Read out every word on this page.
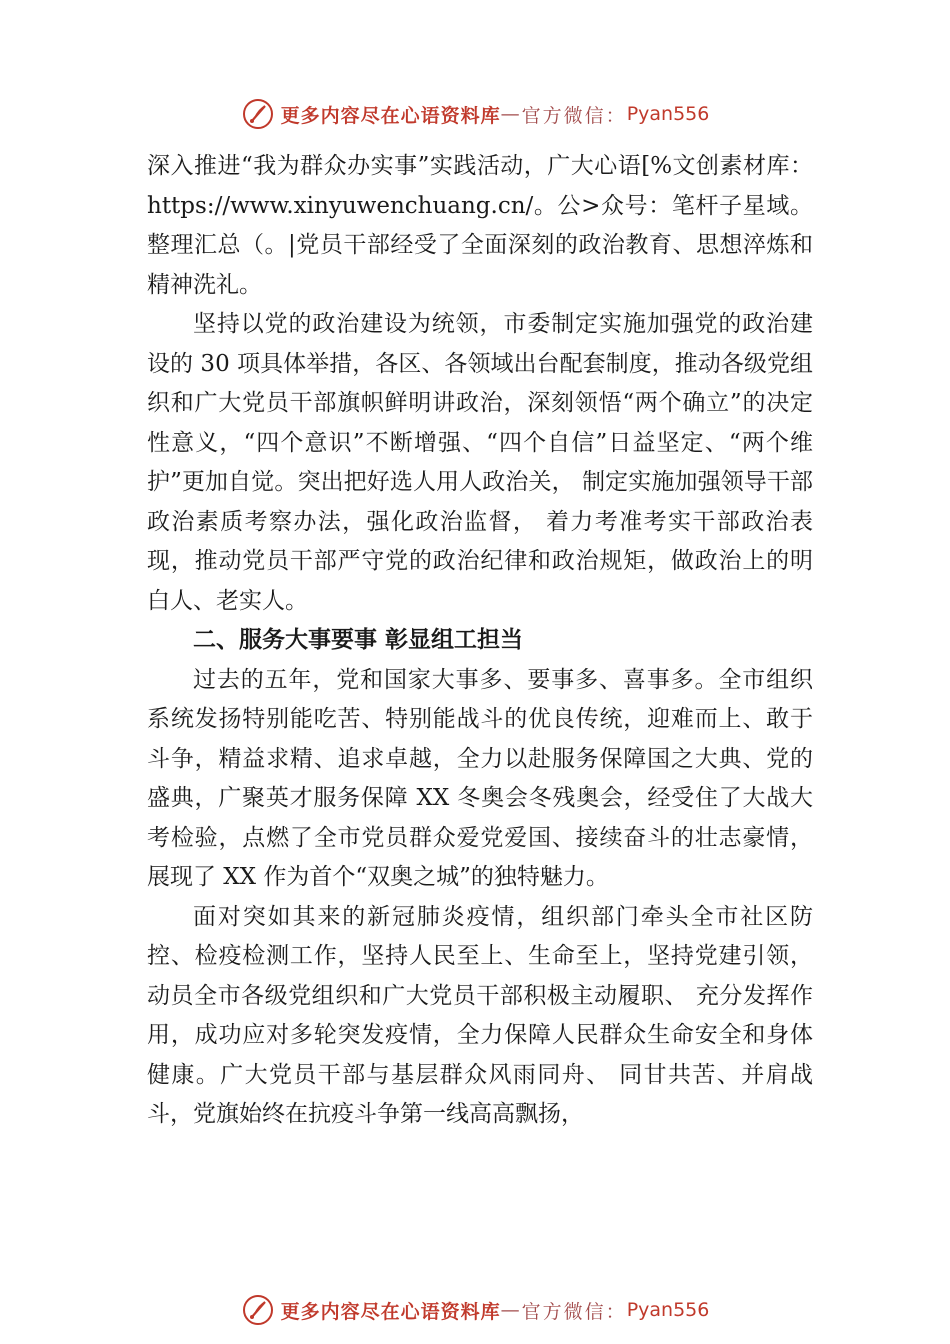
更多内容尽在心语资料库 — 官方微信： Pyan556

深入推进“我为群众办实事”实践活动，广大心语[%文创素材库：https://www.xinyuwenchuang.cn/。公>众号：笔杆子星域。整理汇总（。|党员干部经受了全面深刻的政治教育、思想淬炼和精神洗礼。

坚持以党的政治建设为统领，市委制定实施加强党的政治建设的 30 项具体举措，各区、各领域出台配套制度，推动各级党组织和广大党员干部旗帜鲜明讲政治，深刻领悟“两个确立”的决定性意义，“四个意识”不断增强、“四个自信”日益坚定、“两个维护”更加自觉。突出把好选人用人政治关， 制定实施加强领导干部政治素质考察办法，强化政治监督， 着力考准考实干部政治表现，推动党员干部严守党的政治纪律和政治规矩，做政治上的明白人、老实人。

二、服务大事要事 彰显组工担当

过去的五年，党和国家大事多、要事多、喜事多。全市组织系统发扬特别能吃苦、特别能战斗的优良传统，迎难而上、敢于斗争，精益求精、追求卓越，全力以赴服务保障国之大典、党的盛典，广聚英才服务保障 XX 冬奥会冬残奥会，经受住了大战大考检验，点燃了全市党员群众爱党爱国、接续奋斗的壮志豪情，展现了 XX 作为首个“双奥之城”的独特魅力。

面对突如其来的新冠肺炎疫情，组织部门牵头全市社区防控、检疫检测工作，坚持人民至上、生命至上，坚持党建引领，动员全市各级党组织和广大党员干部积极主动履职、 充分发挥作用，成功应对多轮突发疫情，全力保障人民群众生命安全和身体健康。广大党员干部与基层群众风雨同舟、 同甘共苦、并肩战斗，党旗始终在抗疫斗争第一线高高飘扬，

更多内容尽在心语资料库 — 官方微信： Pyan556
